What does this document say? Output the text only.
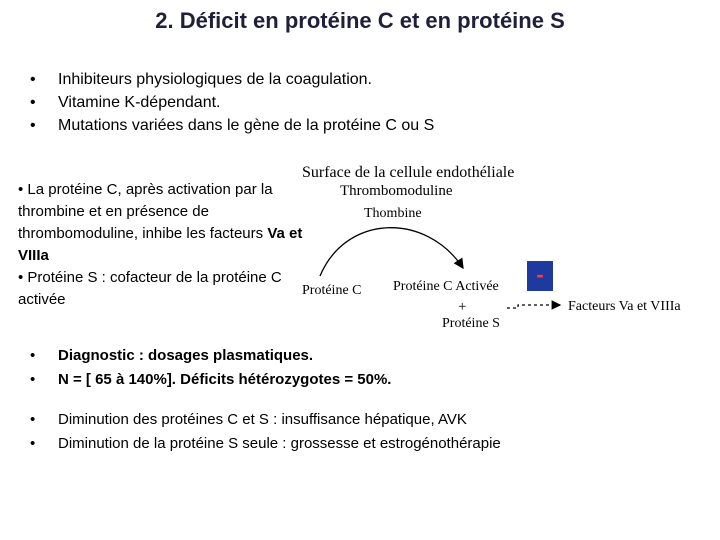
2. Déficit en protéine C et en protéine S
• Inhibiteurs physiologiques de la coagulation.
• Vitamine K-dépendant.
• Mutations variées dans le gène de la protéine C ou S
• La protéine C, après activation par la thrombine et en présence de thrombomoduline, inhibe les facteurs Va et VIIIa
• Protéine S : cofacteur de la protéine C activée
Surface de la cellule endothéliale
Thrombomoduline
Thombine
Protéine C Protéine C Activée
+
Protéine S
Facteurs Va et VIIIa
-
• Diagnostic : dosages plasmatiques.
• N = [ 65 à 140%]. Déficits hétérozygotes = 50%.
• Diminution des protéines C et S : insuffisance hépatique, AVK
• Diminution de la protéine S seule : grossesse et estrogénothérapie
